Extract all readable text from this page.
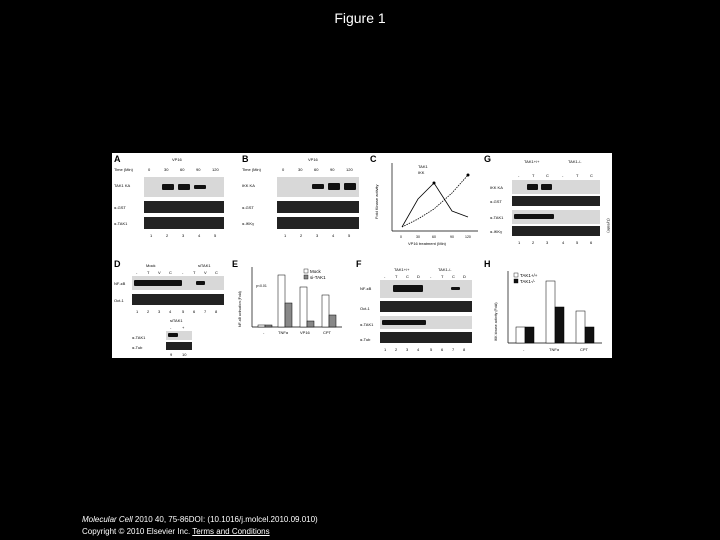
Figure 1
A	VP16
Time (Min)	0	30	60	90	120
TAK1 KA
α-GST
α-TAK1
1	2	3	4	5
B	VP16
Time (Min)	0	30	60	90	120
IKK KA
α-GST
α-IKKγ
1	2	3	4	5
C
TAK1
IKK
Fold Kinase activity
0	30	60	90	120
VP16 treatment (Min)
G	TAK1+/+	TAK1-/-
-	T	C	-	T	C
IKK KA
α-GST
α-TAK1
α-IKKγ	(Lysate)
1	2	3	4	5	6
D	Mock	siTAK1
- T V C	- T V C
NF-κB
Oct-1
1 2 3 4	5 6 7 8
siTAK1
-	+
α-TAK1
α-Tub
9 10
E
Mock
si-TAK1
p<0.01
NF-κB activation (Fold)
-	TNFα	VP16	CPT
F
TAK1+/+	TAK1-/-
- T C D	- T C D
NF-κB
Oct-1
α-TAK1
α-Tub
1 2 3 4	5 6 7 8
H
TAK1+/+
TAK1-/-
IKK kinase activity (Fold)
-	TNFα	CPT
Molecular Cell 2010 40, 75-86DOI: (10.1016/j.molcel.2010.09.010)
Copyright © 2010 Elsevier Inc. Terms and Conditions
